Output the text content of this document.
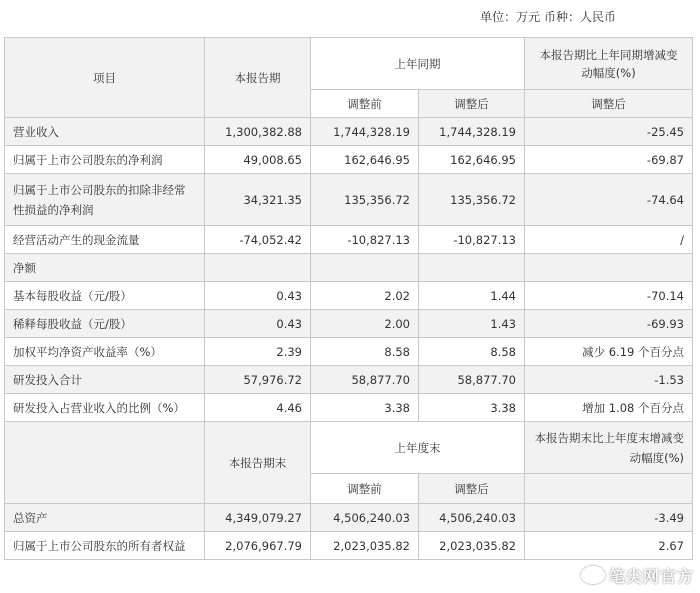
单位：万元 币种：人民币
项目	本报告期	上年同期		本报告期比上年同期增减变动幅度(%)
		调整前	调整后	调整后
营业收入	1,300,382.88	1,744,328.19	1,744,328.19	-25.45
归属于上市公司股东的净利润	49,008.65	162,646.95	162,646.95	-69.87
归属于上市公司股东的扣除非经常性损益的净利润	34,321.35	135,356.72	135,356.72	-74.64
经营活动产生的现金流量	-74,052.42	-10,827.13	-10,827.13	/
净额				
基本每股收益（元/股）	0.43	2.02	1.44	-70.14
稀释每股收益（元/股）	0.43	2.00	1.43	-69.93
加权平均净资产收益率（%）	2.39	8.58	8.58	减少 6.19 个百分点
研发投入合计	57,976.72	58,877.70	58,877.70	-1.53
研发投入占营业收入的比例（%）	4.46	3.38	3.38	增加 1.08 个百分点
	本报告期末	上年度末		本报告期末比上年度末增减变动幅度(%)
		调整前	调整后	
总资产	4,349,079.27	4,506,240.03	4,506,240.03	-3.49
归属于上市公司股东的所有者权益	2,076,967.79	2,023,035.82	2,023,035.82	2.67
笔尖网官方
